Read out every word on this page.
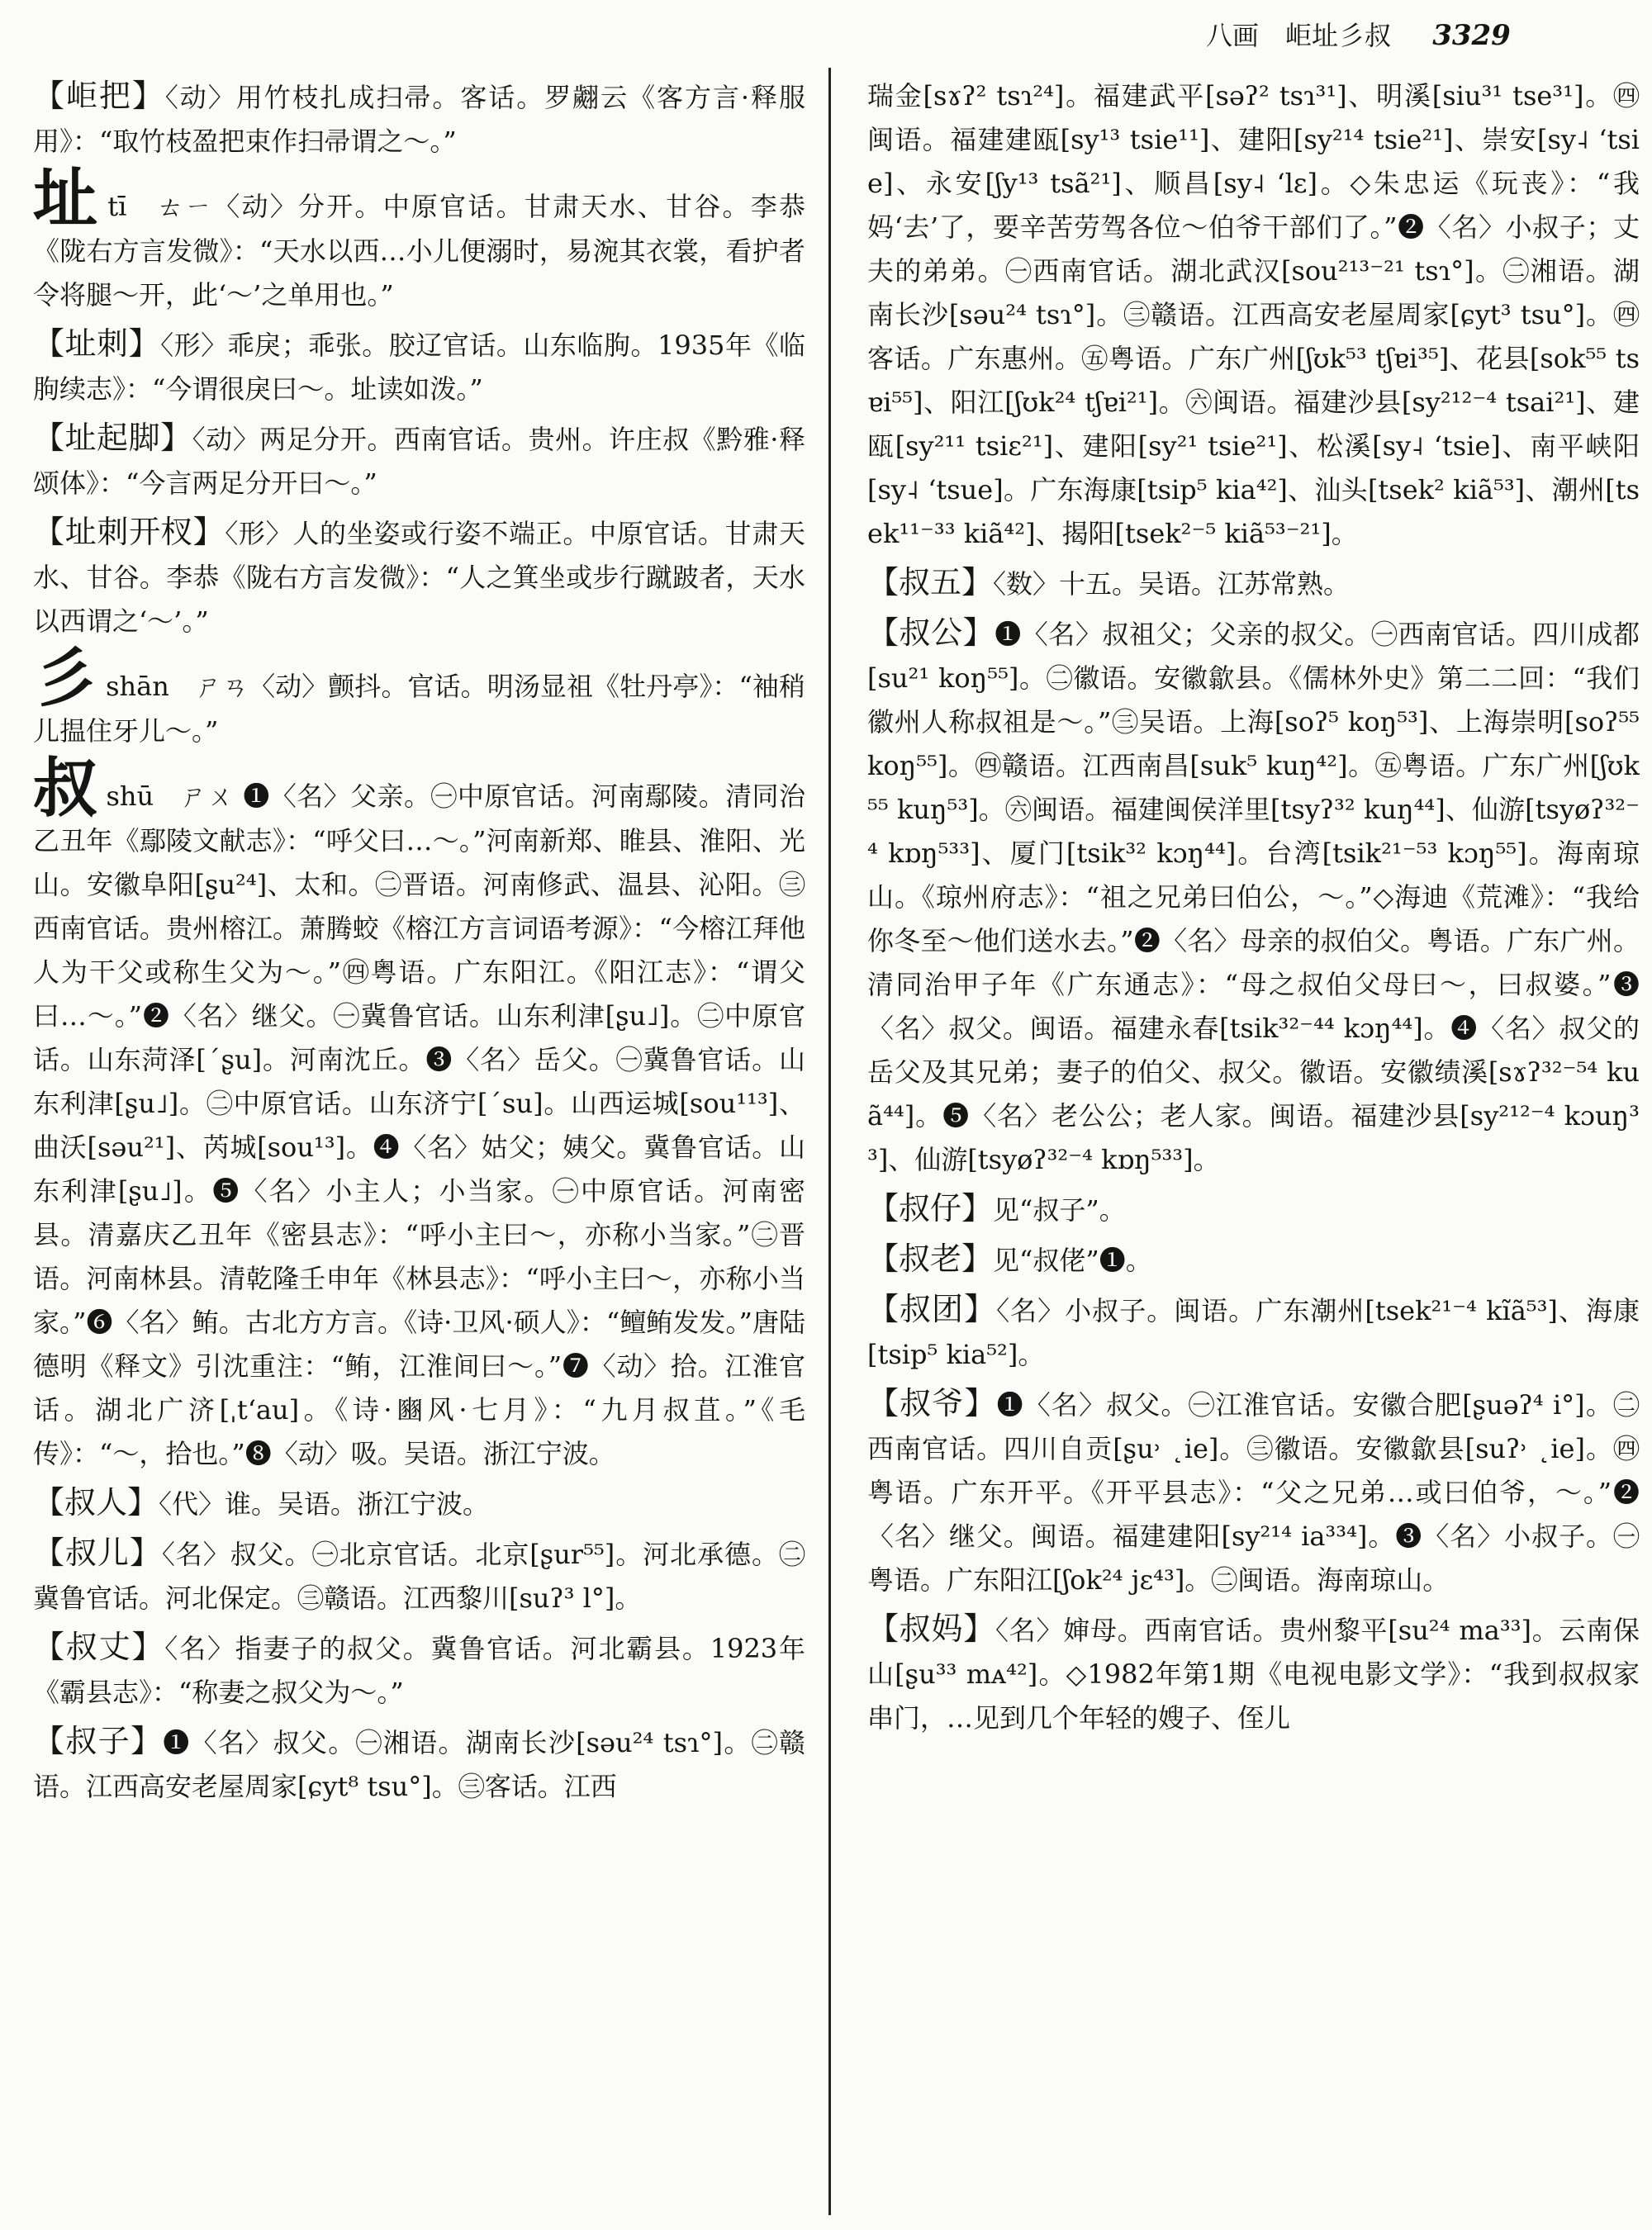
八画　岠址彡叔 3329

【岠把】〈动〉用竹枝扎成扫帚。客话。罗翽云《客方言·释服用》：“取竹枝盈把束作扫帚谓之～。”

址tī　ㄊㄧ〈动〉分开。中原官话。甘肃天水、甘谷。李恭《陇右方言发微》：“天水以西…小儿便溺时，易涴其衣裳，看护者令将腿～开，此‘～’之单用也。”

【址刺】〈形〉乖戾；乖张。胶辽官话。山东临朐。1935年《临朐续志》：“今谓很戾曰～。址读如泼。”

【址起脚】〈动〉两足分开。西南官话。贵州。许庄叔《黔雅·释颂体》：“今言两足分开曰～。”

【址刺开杈】〈形〉人的坐姿或行姿不端正。中原官话。甘肃天水、甘谷。李恭《陇右方言发微》：“人之箕坐或步行蹴跛者，天水以西谓之‘～’。”

彡shān　ㄕㄢ〈动〉颤抖。官话。明汤显祖《牡丹亭》：“袖稍儿揾住牙儿～。”

叔shū　ㄕㄨ ❶〈名〉父亲。㊀中原官话。河南鄢陵。清同治乙丑年《鄢陵文献志》：“呼父曰…～。”河南新郑、睢县、淮阳、光山。安徽阜阳[ʂu²⁴]、太和。㊁晋语。河南修武、温县、沁阳。㊂西南官话。贵州榕江。萧腾蛟《榕江方言词语考源》：“今榕江拜他人为干父或称生父为～。”㊃粤语。广东阳江。《阳江志》：“谓父曰…～。”❷〈名〉继父。㊀冀鲁官话。山东利津[ʂu˩]。㊁中原官话。山东菏泽[ˊʂu]。河南沈丘。❸〈名〉岳父。㊀冀鲁官话。山东利津[ʂu˩]。㊁中原官话。山东济宁[ˊsu]。山西运城[sou¹¹³]、曲沃[səu²¹]、芮城[sou¹³]。❹〈名〉姑父；姨父。冀鲁官话。山东利津[ʂu˩]。❺〈名〉小主人；小当家。㊀中原官话。河南密县。清嘉庆乙丑年《密县志》：“呼小主曰～，亦称小当家。”㊁晋语。河南林县。清乾隆壬申年《林县志》：“呼小主曰～，亦称小当家。”❻〈名〉鲔。古北方方言。《诗·卫风·硕人》：“鳣鲔发发。”唐陆德明《释文》引沈重注：“鲔，江淮间曰～。”❼〈动〉拾。江淮官话。湖北广济[ˌtʻau]。《诗·豳风·七月》：“九月叔苴。”《毛传》：“～，拾也。”❽〈动〉吸。吴语。浙江宁波。

【叔人】〈代〉谁。吴语。浙江宁波。

【叔儿】〈名〉叔父。㊀北京官话。北京[ʂur⁵⁵]。河北承德。㊁冀鲁官话。河北保定。㊂赣语。江西黎川[suʔ³ l°]。

【叔丈】〈名〉指妻子的叔父。冀鲁官话。河北霸县。1923年《霸县志》：“称妻之叔父为～。”

【叔子】❶〈名〉叔父。㊀湘语。湖南长沙[səu²⁴ tsɿ°]。㊁赣语。江西高安老屋周家[ɕyt⁸ tsu°]。㊂客话。江西

瑞金[sɤʔ² tsɿ²⁴]。福建武平[səʔ² tsɿ³¹]、明溪[siu³¹ tse³¹]。㊃闽语。福建建瓯[sy¹³ tsie¹¹]、建阳[sy²¹⁴ tsie²¹]、崇安[sy˨ ʻtsie]、永安[ʃy¹³ tsã²¹]、顺昌[sy˨ ʻlɛ]。◇朱忠运《玩丧》：“我妈‘去’了，要辛苦劳驾各位～伯爷干部们了。”❷〈名〉小叔子；丈夫的弟弟。㊀西南官话。湖北武汉[sou²¹³⁻²¹ tsɿ°]。㊁湘语。湖南长沙[səu²⁴ tsɿ°]。㊂赣语。江西高安老屋周家[ɕyt³ tsu°]。㊃客话。广东惠州。㊄粤语。广东广州[ʃʊk⁵³ tʃɐi³⁵]、花县[sok⁵⁵ tsɐi⁵⁵]、阳江[ʃʊk²⁴ tʃɐi²¹]。㊅闽语。福建沙县[sy²¹²⁻⁴ tsai²¹]、建瓯[sy²¹¹ tsiɛ²¹]、建阳[sy²¹ tsie²¹]、松溪[sy˨ ʻtsie]、南平峡阳[sy˨ ʻtsue]。广东海康[tsip⁵ kia⁴²]、汕头[tsek² kiã⁵³]、潮州[tsek¹¹⁻³³ kiã⁴²]、揭阳[tsek²⁻⁵ kiã⁵³⁻²¹]。

【叔五】〈数〉十五。吴语。江苏常熟。

【叔公】❶〈名〉叔祖父；父亲的叔父。㊀西南官话。四川成都[su²¹ koŋ⁵⁵]。㊁徽语。安徽歙县。《儒林外史》第二二回：“我们徽州人称叔祖是～。”㊂吴语。上海[soʔ⁵ koŋ⁵³]、上海崇明[soʔ⁵⁵ koŋ⁵⁵]。㊃赣语。江西南昌[suk⁵ kuŋ⁴²]。㊄粤语。广东广州[ʃʊk⁵⁵ kuŋ⁵³]。㊅闽语。福建闽侯洋里[tsyʔ³² kuŋ⁴⁴]、仙游[tsyøʔ³²⁻⁴ kɒŋ⁵³³]、厦门[tsik³² kɔŋ⁴⁴]。台湾[tsik²¹⁻⁵³ kɔŋ⁵⁵]。海南琼山。《琼州府志》：“祖之兄弟曰伯公，～。”◇海迪《荒滩》：“我给你冬至～他们送水去。”❷〈名〉母亲的叔伯父。粤语。广东广州。清同治甲子年《广东通志》：“母之叔伯父母曰～，曰叔婆。”❸〈名〉叔父。闽语。福建永春[tsik³²⁻⁴⁴ kɔŋ⁴⁴]。❹〈名〉叔父的岳父及其兄弟；妻子的伯父、叔父。徽语。安徽绩溪[sɤʔ³²⁻⁵⁴ kuã⁴⁴]。❺〈名〉老公公；老人家。闽语。福建沙县[sy²¹²⁻⁴ kɔuŋ³³]、仙游[tsyøʔ³²⁻⁴ kɒŋ⁵³³]。

【叔仔】见“叔子”。

【叔老】见“叔佬”❶。

【叔团】〈名〉小叔子。闽语。广东潮州[tsek²¹⁻⁴ kĩã⁵³]、海康[tsip⁵ kia⁵²]。

【叔爷】❶〈名〉叔父。㊀江淮官话。安徽合肥[ʂuəʔ⁴ i°]。㊁西南官话。四川自贡[ʂu˒ ˛ie]。㊂徽语。安徽歙县[suʔ˒ ˛ie]。㊃粤语。广东开平。《开平县志》：“父之兄弟…或曰伯爷，～。”❷〈名〉继父。闽语。福建建阳[sy²¹⁴ ia³³⁴]。❸〈名〉小叔子。㊀粤语。广东阳江[ʃok²⁴ jɛ⁴³]。㊁闽语。海南琼山。

【叔妈】〈名〉婶母。西南官话。贵州黎平[su²⁴ ma³³]。云南保山[ʂu³³ mᴀ⁴²]。◇1982年第1期《电视电影文学》：“我到叔叔家串门，…见到几个年轻的嫂子、侄儿
